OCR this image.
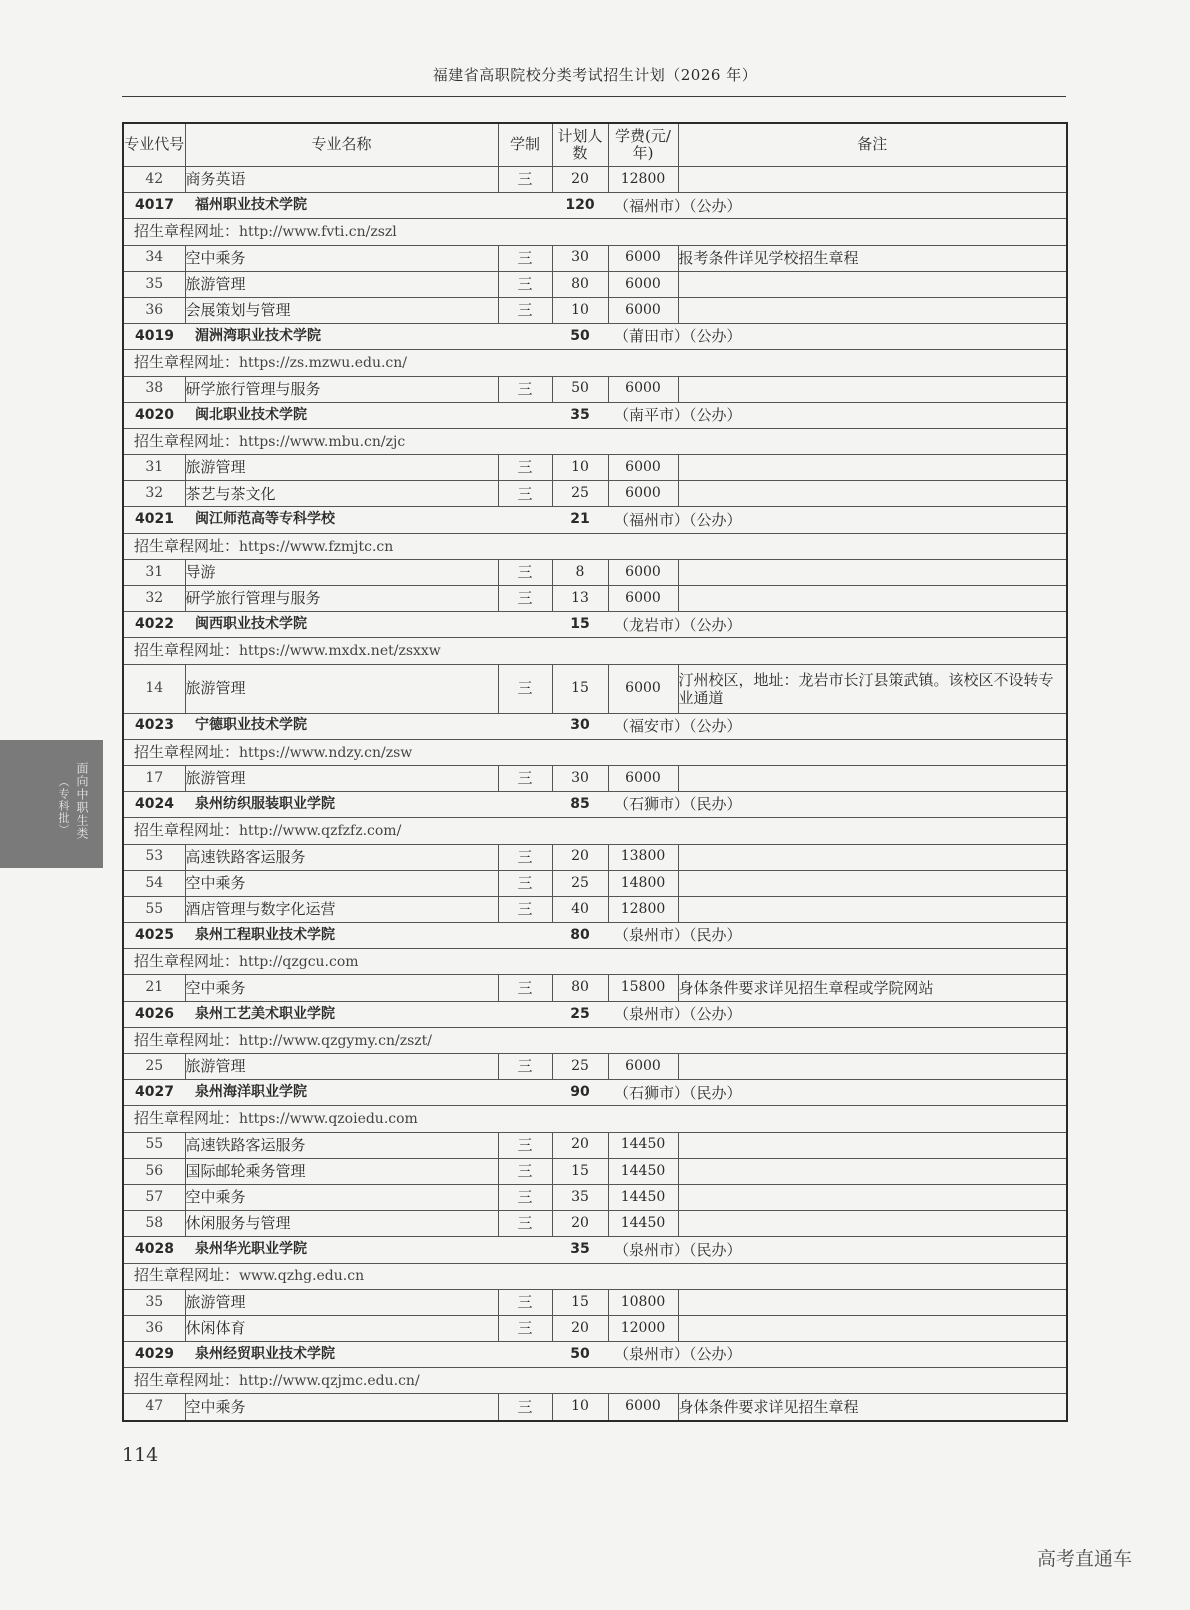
福建省高职院校分类考试招生计划（2026 年）
专业代号	专业名称	学制	计划人数	学费(元/年)	备注
42	商务英语	三	20	12800	
4017	福州职业技术学院		120	（福州市）（公办）	
招生章程网址：http://www.fvti.cn/zszl					
34	空中乘务	三	30	6000	报考条件详见学校招生章程
35	旅游管理	三	80	6000	
36	会展策划与管理	三	10	6000	
4019	湄洲湾职业技术学院		50	（莆田市）（公办）	
招生章程网址：https://zs.mzwu.edu.cn/					
38	研学旅行管理与服务	三	50	6000	
4020	闽北职业技术学院		35	（南平市）（公办）	
招生章程网址：https://www.mbu.cn/zjc					
31	旅游管理	三	10	6000	
32	茶艺与茶文化	三	25	6000	
4021	闽江师范高等专科学校		21	（福州市）（公办）	
招生章程网址：https://www.fzmjtc.cn					
31	导游	三	8	6000	
32	研学旅行管理与服务	三	13	6000	
4022	闽西职业技术学院		15	（龙岩市）（公办）	
招生章程网址：https://www.mxdx.net/zsxxw					
14	旅游管理	三	15	6000	汀州校区，地址：龙岩市长汀县策武镇。该校区不设转专业通道
4023	宁德职业技术学院		30	（福安市）（公办）	
招生章程网址：https://www.ndzy.cn/zsw					
17	旅游管理	三	30	6000	
4024	泉州纺织服装职业学院		85	（石狮市）（民办）	
招生章程网址：http://www.qzfzfz.com/					
53	高速铁路客运服务	三	20	13800	
54	空中乘务	三	25	14800	
55	酒店管理与数字化运营	三	40	12800	
4025	泉州工程职业技术学院		80	（泉州市）（民办）	
招生章程网址：http://qzgcu.com					
21	空中乘务	三	80	15800	身体条件要求详见招生章程或学院网站
4026	泉州工艺美术职业学院		25	（泉州市）（公办）	
招生章程网址：http://www.qzgymy.cn/zszt/					
25	旅游管理	三	25	6000	
4027	泉州海洋职业学院		90	（石狮市）（民办）	
招生章程网址：https://www.qzoiedu.com					
55	高速铁路客运服务	三	20	14450	
56	国际邮轮乘务管理	三	15	14450	
57	空中乘务	三	35	14450	
58	休闲服务与管理	三	20	14450	
4028	泉州华光职业学院		35	（泉州市）（民办）	
招生章程网址：www.qzhg.edu.cn					
35	旅游管理	三	15	10800	
36	休闲体育	三	20	12000	
4029	泉州经贸职业技术学院		50	（泉州市）（公办）	
招生章程网址：http://www.qzjmc.edu.cn/					
47	空中乘务	三	10	6000	身体条件要求详见招生章程
面向中职生类
（专科批）
114
高考直通车
